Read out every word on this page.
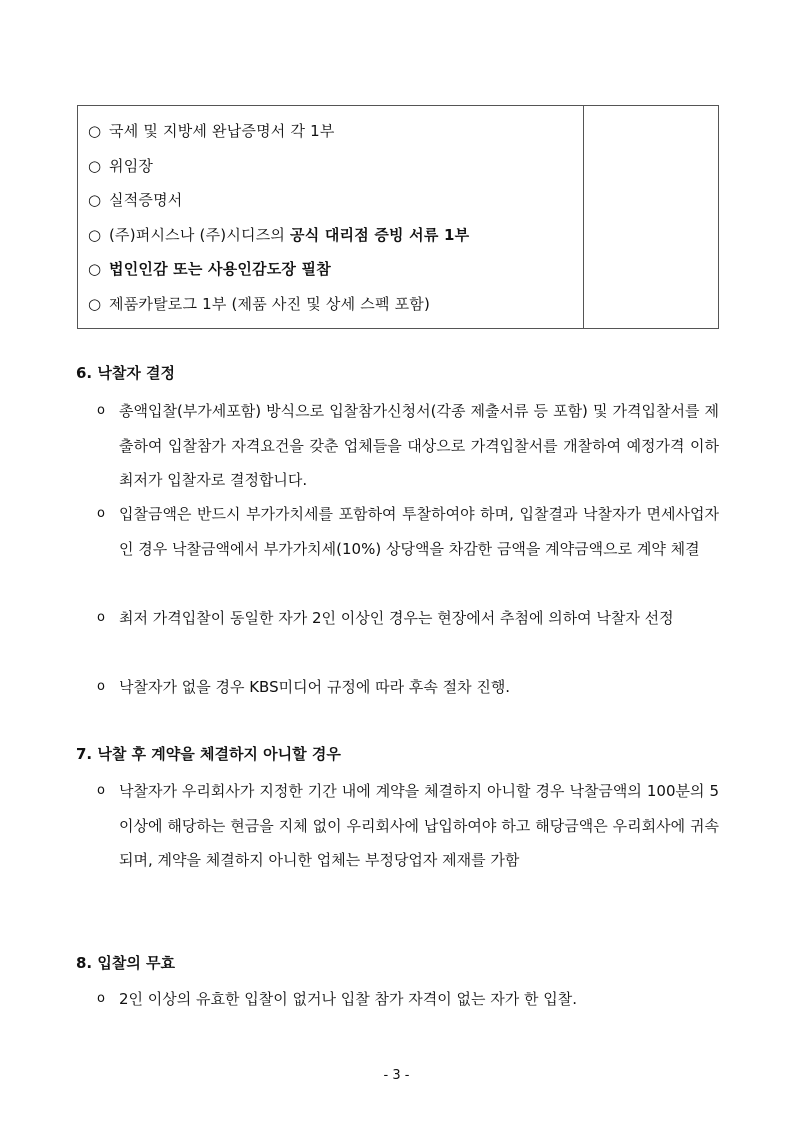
○ 국세 및 지방세 완납증명서 각 1부
○ 위임장
○ 실적증명서
○ (주)퍼시스나 (주)시디즈의 공식 대리점 증빙 서류 1부
○ 법인인감 또는 사용인감도장 필참
○ 제품카탈로그 1부 (제품 사진 및 상세 스펙 포함)
6. 낙찰자 결정
o 총액입찰(부가세포함) 방식으로 입찰참가신청서(각종 제출서류 등 포함) 및 가격입찰서를 제출하여 입찰참가 자격요건을 갖춘 업체들을 대상으로 가격입찰서를 개찰하여 예정가격 이하 최저가 입찰자로 결정합니다.
o 입찰금액은 반드시 부가가치세를 포함하여 투찰하여야 하며, 입찰결과 낙찰자가 면세사업자인 경우 낙찰금액에서 부가가치세(10%) 상당액을 차감한 금액을 계약금액으로 계약 체결
o 최저 가격입찰이 동일한 자가 2인 이상인 경우는 현장에서 추첨에 의하여 낙찰자 선정
o 낙찰자가 없을 경우 KBS미디어 규정에 따라 후속 절차 진행.
7. 낙찰 후 계약을 체결하지 아니할 경우
o 낙찰자가 우리회사가 지정한 기간 내에 계약을 체결하지 아니할 경우 낙찰금액의 100분의 5 이상에 해당하는 현금을 지체 없이 우리회사에 납입하여야 하고 해당금액은 우리회사에 귀속되며, 계약을 체결하지 아니한 업체는 부정당업자 제재를 가함
8. 입찰의 무효
o 2인 이상의 유효한 입찰이 없거나 입찰 참가 자격이 없는 자가 한 입찰.
- 3 -
